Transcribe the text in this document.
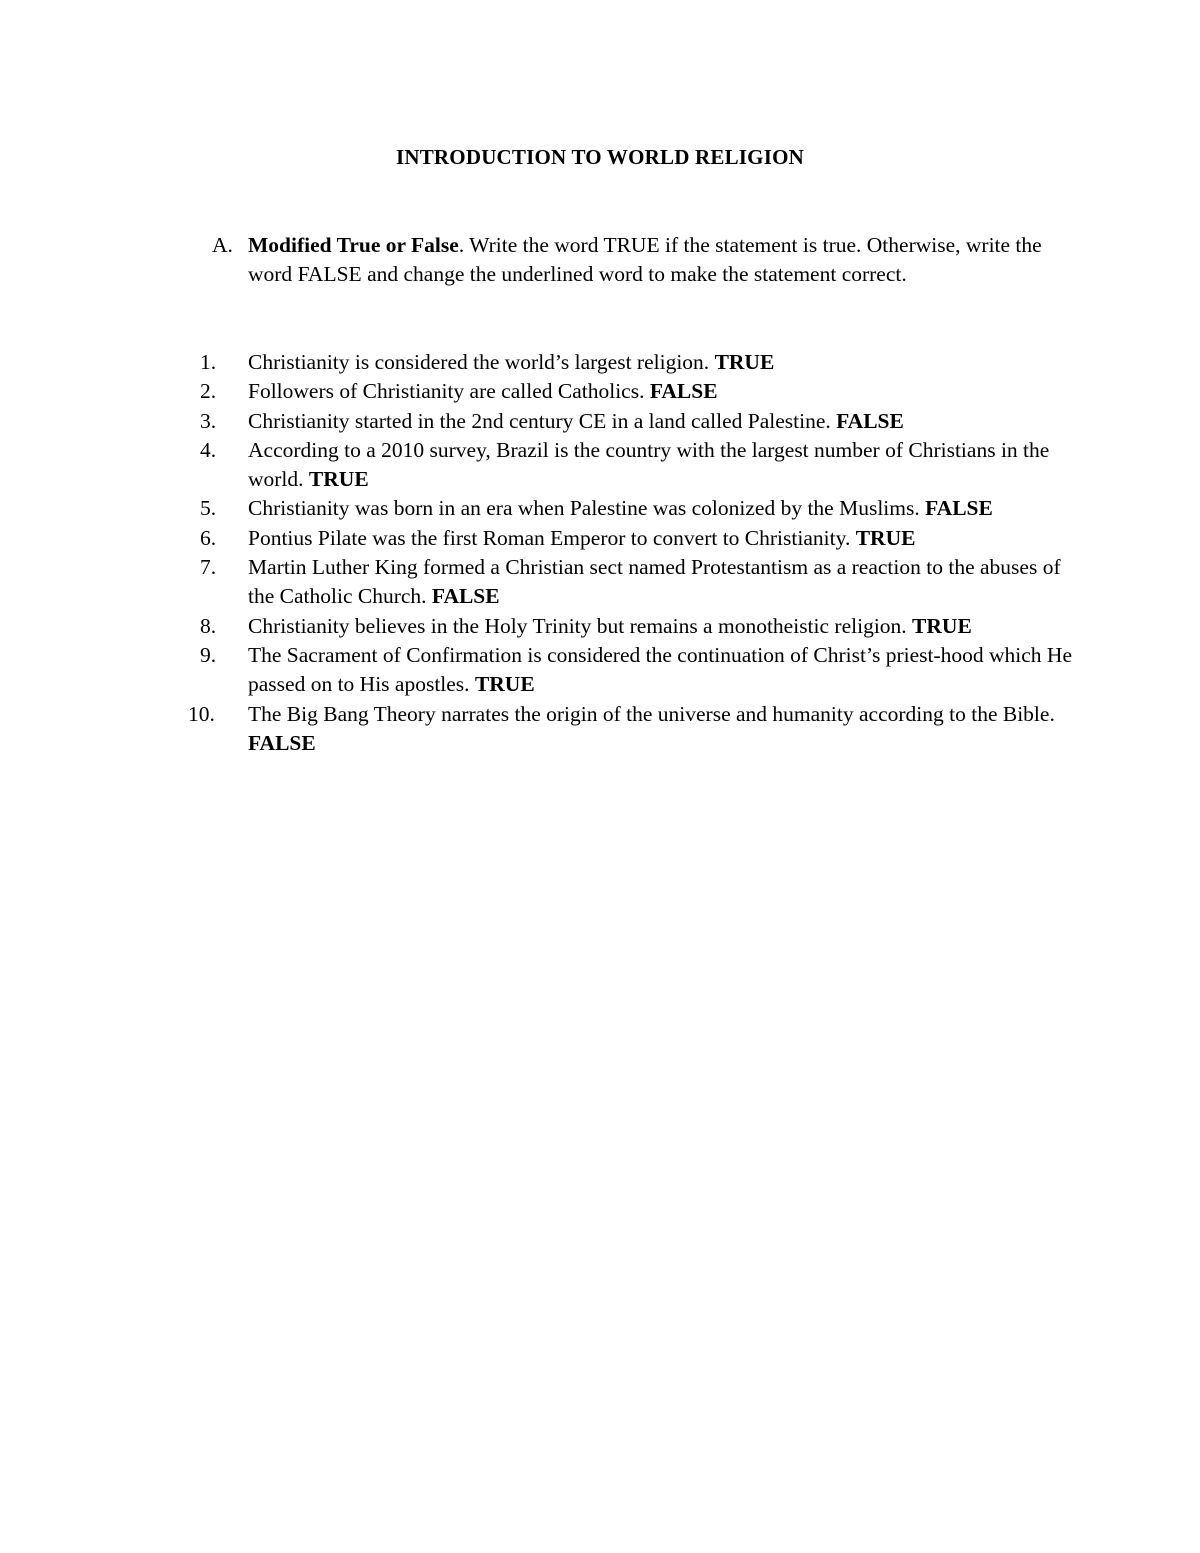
INTRODUCTION TO WORLD RELIGION
A. Modified True or False. Write the word TRUE if the statement is true. Otherwise, write the word FALSE and change the underlined word to make the statement correct.
1.	Christianity is considered the world’s largest religion. TRUE
2.	Followers of Christianity are called Catholics. FALSE
3.	Christianity started in the 2nd century CE in a land called Palestine. FALSE
4.	According to a 2010 survey, Brazil is the country with the largest number of Christians in the world. TRUE
5.	Christianity was born in an era when Palestine was colonized by the Muslims. FALSE
6.	Pontius Pilate was the first Roman Emperor to convert to Christianity. TRUE
7.	Martin Luther King formed a Christian sect named Protestantism as a reaction to the abuses of the Catholic Church. FALSE
8.	Christianity believes in the Holy Trinity but remains a monotheistic religion. TRUE
9.	The Sacrament of Confirmation is considered the continuation of Christ’s priest-hood which He passed on to His apostles. TRUE
10.	The Big Bang Theory narrates the origin of the universe and humanity according to the Bible. FALSE
